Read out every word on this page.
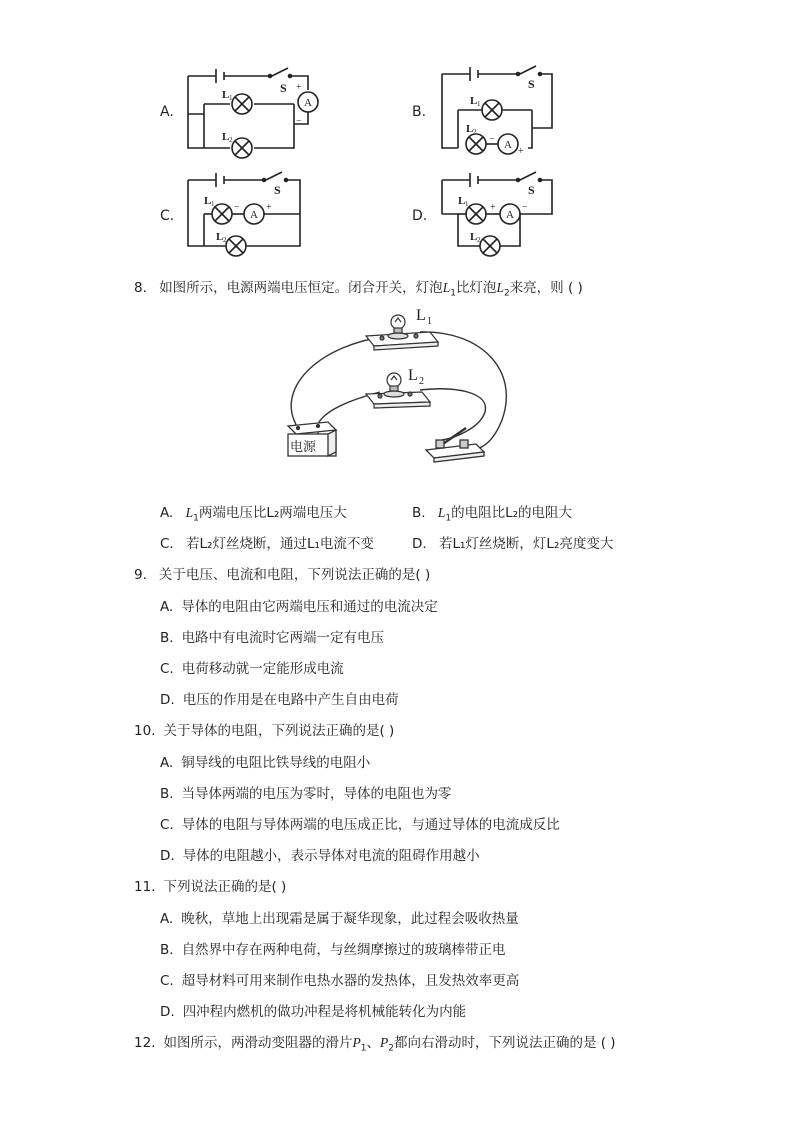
A.	B.
C.	D.
A
+
−
S
L 1
L 2	A
+
−
S
L 1
L 2
A
−	+
S
L 1
L 2
A
+	−
S
L 1
L 2
8. 如图所示，电源两端电压恒定。闭合开关，灯泡$L_1$比灯泡$L_2$来亮，则 ( )
L 1
L 2
电源
A. $L_1$两端电压比L₂两端电压大	B. $L_1$的电阻比L₂的电阻大
C. 若L₂灯丝烧断，通过L₁电流不变	D. 若L₁灯丝烧断，灯L₂亮度变大
9. 关于电压、电流和电阻，下列说法正确的是( )
A. 导体的电阻由它两端电压和通过的电流决定
B. 电路中有电流时它两端一定有电压
C. 电荷移动就一定能形成电流
D. 电压的作用是在电路中产生自由电荷
10. 关于导体的电阻，下列说法正确的是( )
A. 铜导线的电阻比铁导线的电阻小
B. 当导体两端的电压为零时，导体的电阻也为零
C. 导体的电阻与导体两端的电压成正比，与通过导体的电流成反比
D. 导体的电阻越小，表示导体对电流的阻碍作用越小
11. 下列说法正确的是( )
A. 晚秋，草地上出现霜是属于凝华现象，此过程会吸收热量
B. 自然界中存在两种电荷，与丝绸摩擦过的玻璃棒带正电
C. 超导材料可用来制作电热水器的发热体，且发热效率更高
D. 四冲程内燃机的做功冲程是将机械能转化为内能
12. 如图所示，两滑动变阻器的滑片$P_1$、$P_2$都向右滑动时，下列说法正确的是 ( )
